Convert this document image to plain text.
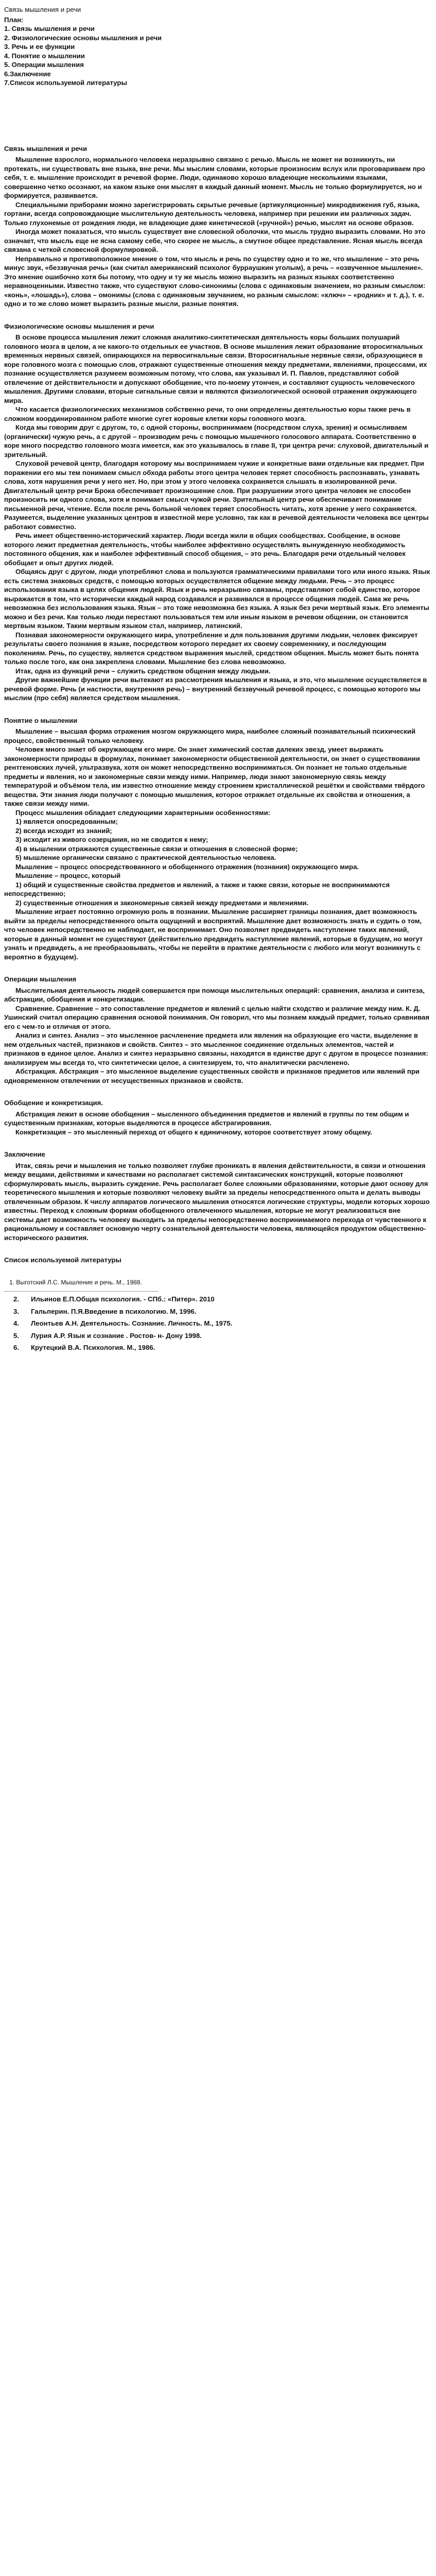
Связь мышления и речи
План:
1. Связь мышления и речи
2. Физиологические основы мышления и речи
3. Речь и ее функции
4. Понятие о мышлении
5. Операции мышления
6.Заключение
7.Список используемой литературы
Связь мышления и речи

Мышление взрослого, нормального человека неразрывно связано с речью. Мысль не может ни возникнуть, ни протекать, ни существовать вне языка, вне речи. Мы мыслим словами, которые произносим вслух или проговариваем про себя, т. е. мышление происходит в речевой форме. Люди, одинаково хорошо владеющие несколькими языками, совершенно четко осознают, на каком языке они мыслят в каждый данный момент. Мысль не только формулируется, но и формируется, развивается.

Специальными приборами можно зарегистрировать скрытые речевые (артикуляционные) микродвижения губ, языка, гортани, всегда сопровождающие мыслительную деятельность человека, например при решении им различных задач. Только глухонемые от рождения люди, не владеющие даже кинетической («ручной») речью, мыслят на основе образов.

Иногда может показаться, что мысль существует вне словесной оболочки, что мысль трудно выразить словами. Но это означает, что мысль еще не ясна самому себе, что скорее не мысль, а смутное общее представление. Ясная мысль всегда связана с четкой словесной формулировкой.

Неправильно и противоположное мнение о том, что мысль и речь по существу одно и то же, что мышление – это речь минус звук, «беззвучная речь» (как считал американский психолог бурраушкин уголым), а речь – «озвученное мышление». Это мнение ошибочно хотя бы потому, что одну и ту же мысль можно выразить на разных языках соответственно неравноценными. Известно также, что существуют слово-синонимы (слова с одинаковым значением, но разным смыслом: «конь», «лошадь»), слова – омонимы (слова с одинаковым звучанием, но разным смыслом: «ключ» – «родник» и т. д.), т. е. одно и то же слово может выразить разные мысли, разные понятия.

Физиологические основы мышления и речи

В основе процесса мышления лежит сложная аналитико-синтетическая деятельность коры больших полушарий головного мозга в целом, а не какого-то отдельных ее участков. В основе мышления лежит образование второсигнальных временных нервных связей, опирающихся на первосигнальные связи. Второсигнальные нервные связи, образующиеся в коре головного мозга с помощью слов, отражают существенные отношения между предметами, явлениями, процессами, их познание осуществляется разумеем возможным потому, что слова, как указывал И. П. Павлов, представляют собой отвлечение от действительности и допускают обобщение, что по-моему утончен, и составляют сущность человеческого мышления. Другими словами, вторые сигнальные связи и являются физиологической основой отражения окружающего мира.

Что касается физиологических механизмов собственно речи, то они определены деятельностью коры также речь в сложном координированном работе многие сугет коровые клетки коры головного мозга.

Когда мы говорим друг с другом, то, с одной стороны, воспринимаем (посредством слуха, зрения) и осмысливаем (органически) чужую речь, а с другой – производим речь с помощью мышечного голосового аппарата. Соответственно в коре много посредство головного мозга имеется, как это указывалось в главе II, три центра речи: слуховой, двигательный и зрительный.

Слуховой речевой центр, благодаря которому мы воспринимаем чужие и конкретные вами отдельные как предмет. При поражении его мы тем понимаем смысл обхода работы этого центра человек теряет способность распознавать, узнавать слова, хотя нарушения речи у него нет. Но, при этом у этого человека сохраняется слышать в изолированной речи. Двигательный центр речи Брока обеспечивает произношение слов. При разрушении этого центра человек не способен произносить ни одного слова, хотя и понимает смысл чужой речи. Зрительный центр речи обеспечивает понимание письменной речи, чтение. Если после речь больной человек теряет способность читать, хотя зрение у него сохраняется. Разумеется, выделение указанных центров в известной мере условно, так как в речевой деятельности человека все центры работают совместно.

Речь имеет общественно-исторический характер. Люди всегда жили в общих сообществах. Сообщение, в основе которого лежит предметная деятельность, чтобы наиболее эффективно осуществлять вынужденную необходимость постоянного общения, как и наиболее эффективный способ общения, – это речь. Благодаря речи отдельный человек обобщает и опыт других людей.

Общаясь друг с другом, люди употребляют слова и пользуются грамматическими правилами того или иного языка. Язык есть система знаковых средств, с помощью которых осуществляется общение между людьми. Речь – это процесс использования языка в целях общения людей. Язык и речь неразрывно связаны, представляют собой единство, которое выражается в том, что исторически каждый народ создавался и развивался в процессе общения людей. Сама же речь невозможна без использования языка. Язык – это тоже невозможна без языка. А язык без речи мертвый язык. Его элементы можно и без речи. Как только люди перестают пользоваться тем или иным языком в речевом общении, он становится мертвым языком. Таким мертвым языком стал, например, латинский.

Познавая закономерности окружающего мира, употребление и для пользования другими людьми, человек фиксирует результаты своего познания в языке, посредством которого передает их своему современнику, и последующим поколениям. Речь, по существу, является средством выражения мыслей, средством общения. Мысль может быть понята только после того, как она закреплена словами. Мышление без слова невозможно.

Итак, одна из функций речи – служить средством общения между людьми.

Другие важнейшие функции речи вытекают из рассмотрения мышления и языка, и это, что мышление осуществляется в речевой форме. Речь (и настности, внутренняя речь) – внутренний беззвучный речевой процесс, с помощью которого мы мыслим (про себя) является средством мышления.

Понятие о мышлении

Мышление – высшая форма отражения мозгом окружающего мира, наиболее сложный познавательный психический процесс, свойственный только человеку.

Человек много знает об окружающем его мире. Он знает химический состав далеких звезд, умеет выражать закономерности природы в формулах, понимает закономерности общественной деятельности, он знает о существовании рентгеновских лучей, ультразвука, хотя он может непосредственно восприниматься. Он познает не только отдельные предметы и явления, но и закономерные связи между ними. Например, люди знают закономерную связь между температурой и объёмом тела, им известно отношение между строением кристаллической решётки и свойствами твёрдого вещества. Эти знания люди получают с помощью мышления, которое отражает отдельные их свойства и отношения, а также связи между ними.

Процесс мышления обладает следующими характерными особенностями:

1) является опосредованным;

2) всегда исходит из знаний;

3) исходит из живого созерцания, но не сводится к нему;

4) в мышлении отражаются существенные связи и отношения в словесной форме;

5) мышление органически связано с практической деятельностью человека.

Мышление – процесс опосредствованного и обобщенного отражения (познания) окружающего мира.

Мышление – процесс, который

1) общий и существенные свойства предметов и явлений, а также и также связи, которые не воспринимаются непосредственно;

2) существенные отношения и закономерные связей между предметами и явлениями.

Мышление играет постоянно огромную роль в познании. Мышление расширяет границы познания, дает возможность выйти за пределы непосредственного опыта ощущений и восприятий. Мышление дает возможность знать и судить о том, что человек непосредственно не наблюдает, не воспринимает. Оно позволяет предвидеть наступление таких явлений, которые в данный момент не существуют (действительно предвидеть наступление явлений, которые в будущем, но могут узнать и предвидеть, а не преобразовывать, чтобы не перейти в практике деятельности с любого или могут возникнуть с вероятно в будущем).

Операции мышления

Мыслительная деятельность людей совершается при помощи мыслительных операций: сравнения, анализа и синтеза, абстракции, обобщения и конкретизации.

Сравнение. Сравнение – это сопоставление предметов и явлений с целью найти сходство и различие между ним. К. Д. Ушинский считал операцию сравнения основой понимания. Он говорил, что мы познаем каждый предмет, только сравнивая его с чем-то и отличая от этого.

Анализ и синтез. Анализ – это мысленное расчленение предмета или явления на образующие его части, выделение в нем отдельных частей, признаков и свойств. Синтез – это мысленное соединение отдельных элементов, частей и признаков в единое целое. Анализ и синтез неразрывно связаны, находятся в единстве друг с другом в процессе познания: анализируем мы всегда то, что синтетически целое, а синтезируем, то, что аналитически расчленено.

Абстракция. Абстракция – это мысленное выделение существенных свойств и признаков предметов или явлений при одновременном отвлечении от несущественных признаков и свойств.

Обобщение и конкретизация.

Абстракция лежит в основе обобщения – мысленного объединения предметов и явлений в группы по тем общим и существенным признакам, которые выделяются в процессе абстрагирования.

Конкретизация – это мысленный переход от общего к единичному, которое соответствует этому общему.

Заключение

Итак, связь речи и мышления не только позволяет глубже проникать в явления действительности, в связи и отношения между вещами, действиями и качествами но располагает системой синтаксических конструкций, которые позволяют сформулировать мысль, выразить суждение. Речь располагает более сложными образованиями, которые дают основу для теоретического мышления и которые позволяют человеку выйти за пределы непосредственного опыта и делать выводы отвлеченным образом. К числу аппаратов логического мышления относятся логические структуры, модели которых хорошо известны. Переход к сложным формам обобщенного отвлеченного мышления, которые не могут реализоваться вне системы дает возможность человеку выходить за пределы непосредственно воспринимаемого перехода от чувственного к рациональному и составляет основную черту сознательной деятельности человека, являющейся продуктом общественно-исторического развития.

Список используемой литературы
1. Выготский Л.С. Мышление и речь. М., 1988.
2. Ильинов Е.П.Общая психология. - СПб.: «Питер». 2010
3. Гальперин. П.Я.Введение в психологию. М, 1996.
4. Леонтьев А.Н. Деятельность. Сознание. Личность. М., 1975.
5. Лурия А.Р. Язык и сознание . Ростов- н- Дону 1998.
6. Крутецкий В.А. Психология. М., 1986.
